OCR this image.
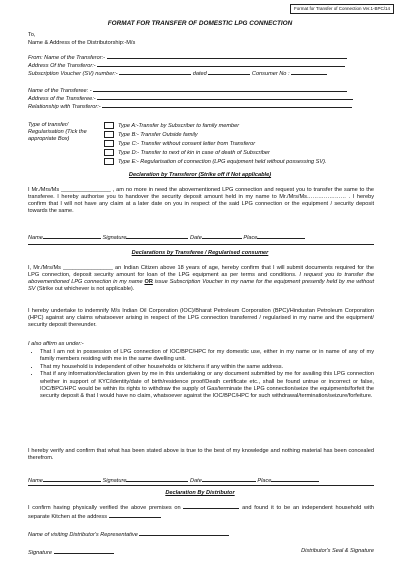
Format for Transfer of Connection Ver.1-BPC/14
FORMAT FOR TRANSFER OF DOMESTIC LPG CONNECTION
To,
Name & Address of the Distributorship:-M/s
From: Name of the Transferor:-
Address Of the Transferor:-
Subscription Voucher (SV) number:-	dated	Consumer No :
Name of the Transferee: -
Address of the Transferee:-
Relationship with Transferor:-
Type of transfer/ Regularisation (Tick the appropriate Box)
Type A:-Transfer by Subscriber to family member
Type B:- Transfer Outside family
Type C:- Transfer without consent letter from Transferor
Type D:- Transfer to next of kin in case of death of Subscriber
Type E:- Regularisation of connection (LPG equipment held without possessing SV).
Declaration by Transferor (Strike off if Not applicable)
I Mr./Mrs/Ms ________________ , am no more in need the abovementioned LPG connection and request you to transfer the same to the transferee. I hereby authorise you to handover the security deposit amount held in my name to Mr./Mrs/Ms………………… . I hereby confirm that I will not have any claim at a later date on you in respect of the said LPG connection or the equipment / security deposit towards the same.
Name	Signature	Date	Place
Declarations by Transferee / Regularised consumer
I, Mr./Mrs/Ms ________________ an Indian Citizen above 18 years of age, hereby confirm that I will submit documents required for the LPG connection, deposit security amount for loan of the LPG equipment as per terms and conditions. I request you to transfer the abovementioned LPG connection in my name OR issue Subscription Voucher in my name for the equipment presently held by me without SV (Strike out whichever is not applicable).
I hereby undertake to indemnify M/s Indian Oil Corporation (IOC)/Bharat Petroleum Corporation (BPC)/Hindustan Petroleum Corporation (HPC) against any claims whatsoever arising in respect of the LPG connection transferred / regularised in my name and the equipment/ security deposit thereunder.
I also affirm as under:-
• That I am not in possession of LPG connection of IOC/BPC/HPC for my domestic use, either in my name or in name of any of my family members residing with me in the same dwelling unit.
• That my household is independent of other households or kitchens if any within the same address.
• That if any information/declaration given by me in this undertaking or any document submitted by me for availing this LPG connection whether in support of KYC/identity/date of birth/residence proof/Death certificate etc., shall be found untrue or incorrect or false, IOC/BPC/HPC would be within its rights to withdraw the supply of Gas/terminate the LPG connection/seize the equipments/forfeit the security deposit & that I would have no claim, whatsoever against the IOC/BPC/HPC for such withdrawal/termination/seizure/forfeiture.
I hereby verify and confirm that what has been stated above is true to the best of my knowledge and nothing material has been concealed therefrom.
Name	Signature	Date	Place
Declaration By Distributor
I confirm having physically verified the above premises on	and found it to be an independent household with separate Kitchen at the address
Name of visiting Distributor's Representative
Signature	Distributor's Seal & Signature
